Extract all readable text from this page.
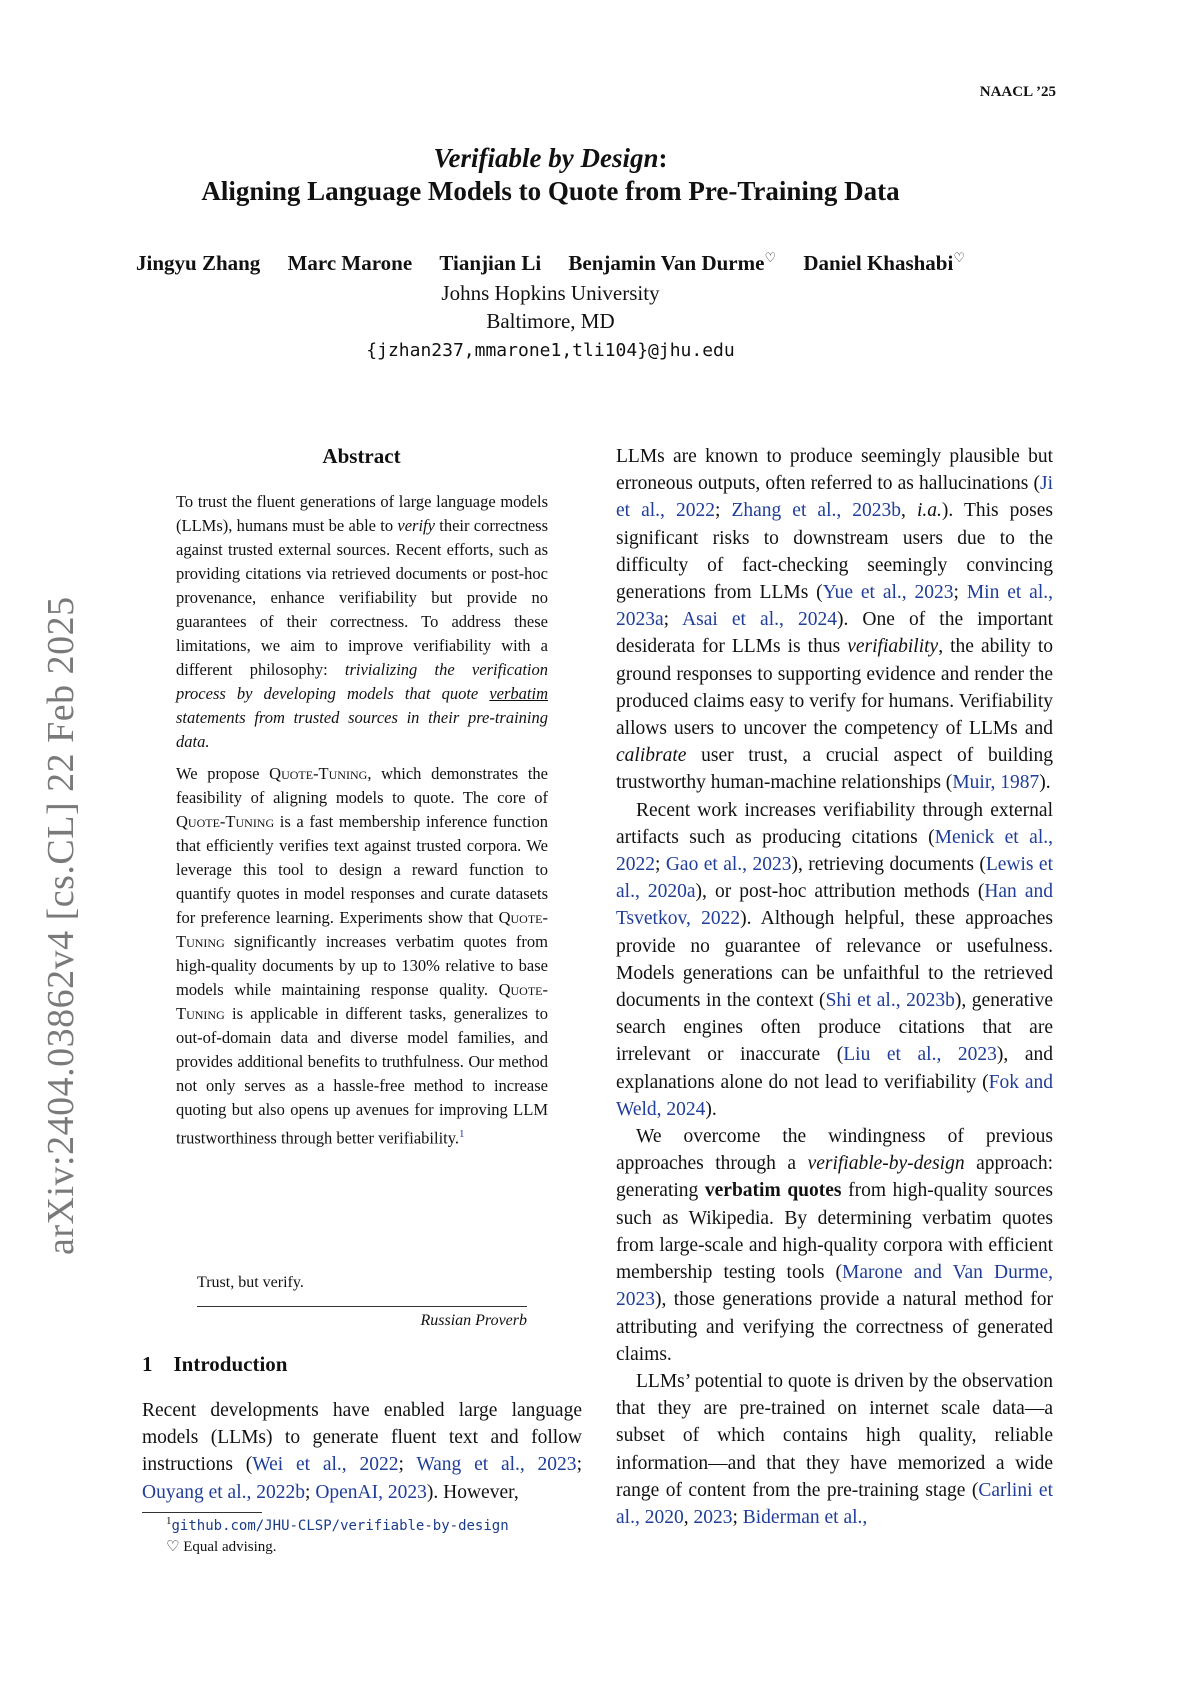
NAACL ’25
Verifiable by Design:
Aligning Language Models to Quote from Pre-Training Data
Jingyu Zhang Marc Marone Tianjian Li Benjamin Van Durme♡ Daniel Khashabi♡
Johns Hopkins University
Baltimore, MD
{jzhan237,mmarone1,tli104}@jhu.edu
arXiv:2404.03862v4 [cs.CL] 22 Feb 2025
Abstract

To trust the fluent generations of large language models (LLMs), humans must be able to verify their correctness against trusted external sources. Recent efforts, such as providing citations via retrieved documents or post-hoc provenance, enhance verifiability but provide no guarantees of their correctness. To address these limitations, we aim to improve verifiability with a different philosophy: trivializing the verification process by developing models that quote verbatim statements from trusted sources in their pre-training data.

We propose Quote-Tuning, which demonstrates the feasibility of aligning models to quote. The core of Quote-Tuning is a fast membership inference function that efficiently verifies text against trusted corpora. We leverage this tool to design a reward function to quantify quotes in model responses and curate datasets for preference learning. Experiments show that Quote-Tuning significantly increases verbatim quotes from high-quality documents by up to 130% relative to base models while maintaining response quality. Quote-Tuning is applicable in different tasks, generalizes to out-of-domain data and diverse model families, and provides additional benefits to truthfulness. Our method not only serves as a hassle-free method to increase quoting but also opens up avenues for improving LLM trustworthiness through better verifiability.$^1$

Trust, but verify.
Russian Proverb
1 Introduction
Recent developments have enabled large language models (LLMs) to generate fluent text and follow instructions (Wei et al., 2022; Wang et al., 2023; Ouyang et al., 2022b; OpenAI, 2023). However,
$^1$github.com/JHU-CLSP/verifiable-by-design
♡ Equal advising.

LLMs are known to produce seemingly plausible but erroneous outputs, often referred to as hallucinations (Ji et al., 2022; Zhang et al., 2023b, i.a.). This poses significant risks to downstream users due to the difficulty of fact-checking seemingly convincing generations from LLMs (Yue et al., 2023; Min et al., 2023a; Asai et al., 2024). One of the important desiderata for LLMs is thus verifiability, the ability to ground responses to supporting evidence and render the produced claims easy to verify for humans. Verifiability allows users to uncover the competency of LLMs and calibrate user trust, a crucial aspect of building trustworthy human-machine relationships (Muir, 1987).

Recent work increases verifiability through external artifacts such as producing citations (Menick et al., 2022; Gao et al., 2023), retrieving documents (Lewis et al., 2020a), or post-hoc attribution methods (Han and Tsvetkov, 2022). Although helpful, these approaches provide no guarantee of relevance or usefulness. Models generations can be unfaithful to the retrieved documents in the context (Shi et al., 2023b), generative search engines often produce citations that are irrelevant or inaccurate (Liu et al., 2023), and explanations alone do not lead to verifiability (Fok and Weld, 2024).

We overcome the windingness of previous approaches through a verifiable-by-design approach: generating verbatim quotes from high-quality sources such as Wikipedia. By determining verbatim quotes from large-scale and high-quality corpora with efficient membership testing tools (Marone and Van Durme, 2023), those generations provide a natural method for attributing and verifying the correctness of generated claims.

LLMs’ potential to quote is driven by the observation that they are pre-trained on internet scale data—a subset of which contains high quality, reliable information—and that they have memorized a wide range of content from the pre-training stage (Carlini et al., 2020, 2023; Biderman et al.,
